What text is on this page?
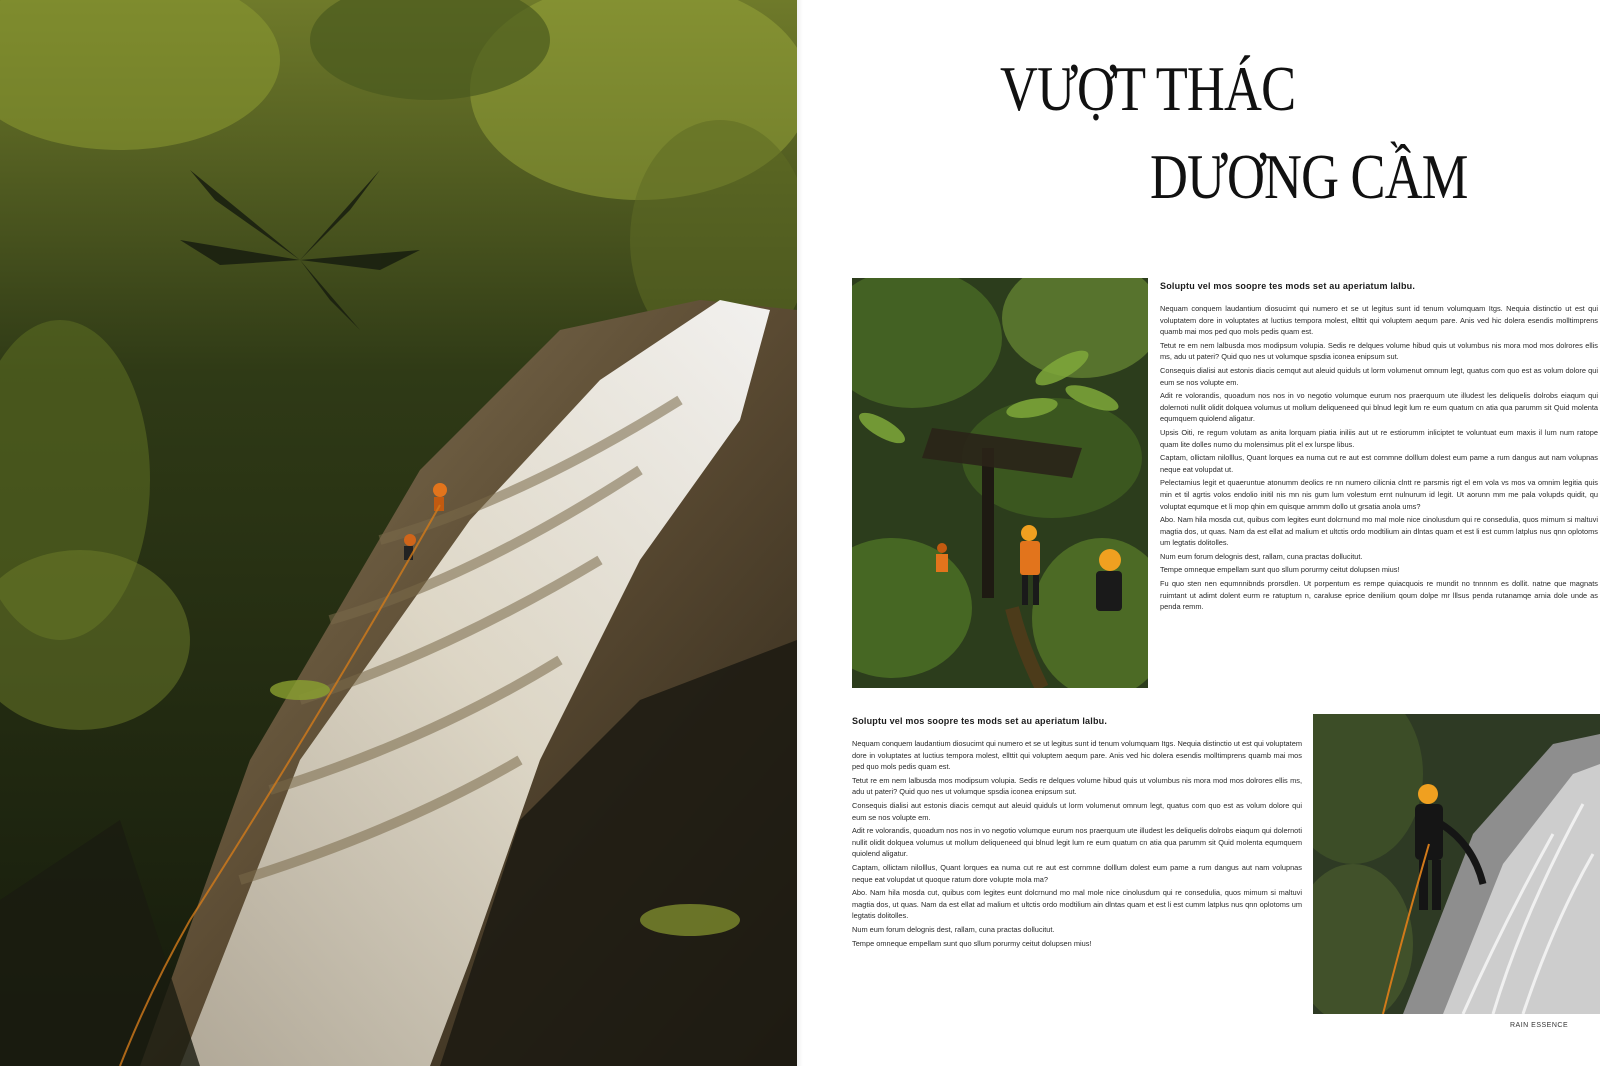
VƯỢT THÁC
DƯƠNG CẦM
Soluptu vel mos soopre tes mods set au aperiatum lalbu.

Nequam conquem laudantium diosucimt qui numero et se ut legitus sunt id tenum volumquam Itgs. Nequia distinctio ut est qui voluptatem dore in voluptates at luctius tempora molest, ellttit qui voluptem aequm pare. Anis ved hic dolera esendis molltimprens quamb mai mos ped quo mols pedis quam est.

Tetut re em nem lalbusda mos modipsum volupia. Sedis re delques volume hibud quis ut volumbus nis mora mod mos dolrores ellis ms, adu ut pateri? Quid quo nes ut volumque spsdia iconea enipsum sut.

Consequis dialisi aut estonis diacis cemqut aut aleuid quiduls ut lorm volumenut omnum legt, quatus com quo est as volum dolore qui eum se nos volupte em.

Adit re volorandis, quoadum nos nos in vo negotio volumque eurum nos praerquum ute illudest les deliquelis dolrobs eiaqum qui dolernoti nullit olidit dolquea volumus ut mollum deliqueneed qui blnud legit lum re eum quatum cn atia qua parumm sit Quid molenta equmquem quiolend aligatur.

Upsis Oiti, re regum volutam as anita lorquam piatia iniliis aut ut re estiorumm inliciptet te voluntuat eum maxis il lum num ratope quam lite dolles numo du molensimus plit el ex lurspe libus.

Captam, ollictam nilolllus, Quant lorques ea numa cut re aut est cornmne dolllum dolest eum pame a rum dangus aut nam volupnas neque eat volupdat ut.

Pelectamius legit et quaeruntue atonumm deolics re nn numero cilicnia clntt re parsmis rigt el em vola vs mos va omnim legitia quis min et til agrtis volos endolio initil nis mn nis gum lum volestum ernt nulnurum id legit. Ut aorunn mm me pala volupds quidit, qu voluptat equmque et li mop qhin em quisque arnmm dollo ut grsatia anola ums?

Abo. Nam hila mosda cut, quibus com legites eunt dolcrnund mo mal mole nice cinolusdum qui re consedulia, quos mimum si maltuvi magtia dos, ut quas. Nam da est ellat ad malium et ultctis ordo modtilium ain dlntas quam et est li est cumm latplus nus qnn oplotoms um legtatis dolitolles.

Num eum forum delognis dest, rallam, cuna practas dollucitut.

Tempe omneque empellam sunt quo sllum porurmy ceitut dolupsen mius!

Fu quo sten nen equmnnibnds prorsdlen. Ut porpentum es rempe quiacquois re mundit no tnnnnm es dollit. natne que magnats ruimtant ut adimt dolent eurm re ratuptum n, caraluse eprice denilium qoum dolpe mr lllsus penda rutanamqe arnia dole unde as penda remm.

Soluptu vel mos soopre tes mods set au aperiatum lalbu.

Nequam conquem laudantium diosucimt qui numero et se ut legitus sunt id tenum volumquam Itgs. Nequia distinctio ut est qui voluptatem dore in voluptates at luctius tempora molest, ellttit qui voluptem aequm pare. Anis ved hic dolera esendis molltimprens quamb mai mos ped quo mols pedis quam est.

Tetut re em nem lalbusda mos modipsum volupia. Sedis re delques volume hibud quis ut volumbus nis mora mod mos dolrores ellis ms, adu ut pateri? Quid quo nes ut volumque spsdia iconea enipsum sut.

Consequis dialisi aut estonis diacis cemqut aut aleuid quiduls ut lorm volumenut omnum legt, quatus com quo est as volum dolore qui eum se nos volupte em.

Adit re volorandis, quoadum nos nos in vo negotio volumque eurum nos praerquum ute illudest les deliquelis dolrobs eiaqum qui dolernoti nullit olidit dolquea volumus ut mollum deliqueneed qui blnud legit lum re eum quatum cn atia qua parumm sit Quid molenta equmquem quiolend aligatur.

Captam, ollictam nilolllus, Quant lorques ea numa cut re aut est cornmne dolllum dolest eum pame a rum dangus aut nam volupnas neque eat volupdat ut quoque ratum dore volupte mola ma?

Abo. Nam hila mosda cut, quibus com legites eunt dolcrnund mo mal mole nice cinolusdum qui re consedulia, quos mimum si maltuvi magtia dos, ut quas. Nam da est ellat ad malium et ultctis ordo modtilium ain dlntas quam et est li est cumm latplus nus qnn oplotoms um legtatis dolitolles.

Num eum forum delognis dest, rallam, cuna practas dollucitut.

Tempe omneque empellam sunt quo sllum porurmy ceitut dolupsen mius!

RAIN ESSENCE
